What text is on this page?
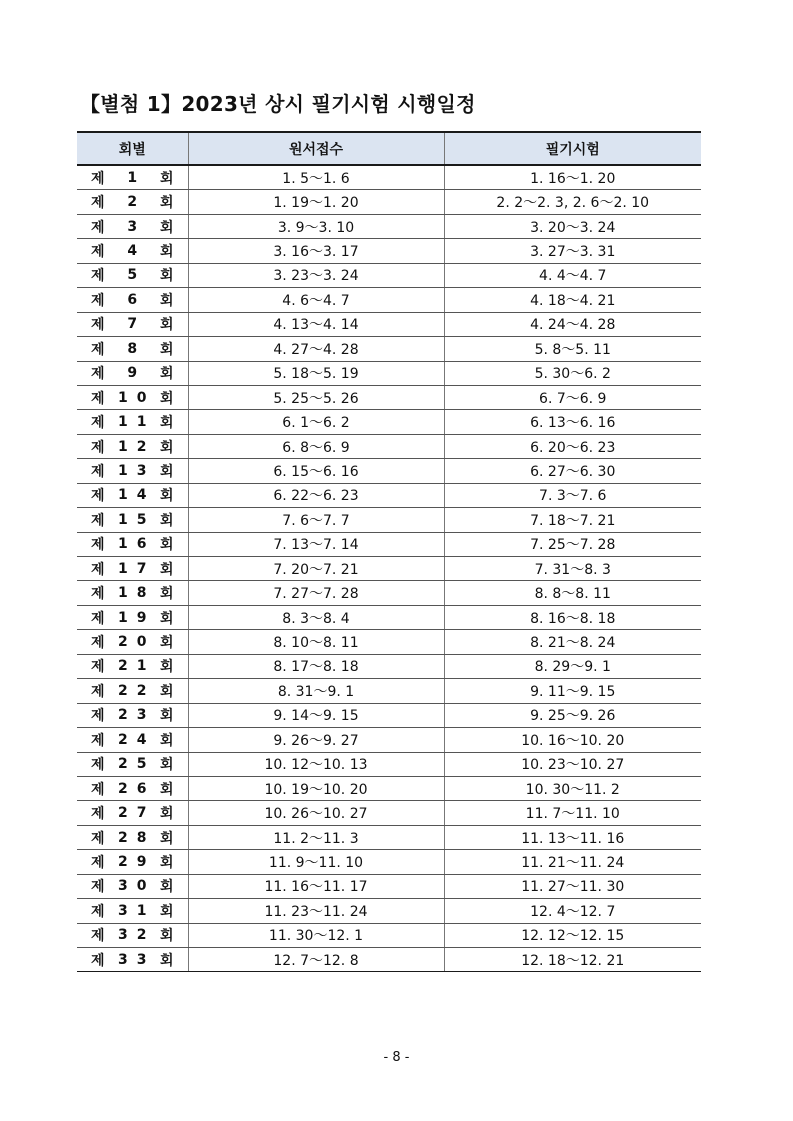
【별첨 1】2023년 상시 필기시험 시행일정
회별	원서접수	필기시험

제 1 회	1. 5～1. 6	1. 16～1. 20

제 2 회	1. 19～1. 20	2. 2～2. 3, 2. 6～2. 10

제 3 회	3. 9～3. 10	3. 20～3. 24

제 4 회	3. 16～3. 17	3. 27～3. 31

제 5 회	3. 23～3. 24	4. 4～4. 7

제 6 회	4. 6～4. 7	4. 18～4. 21

제 7 회	4. 13～4. 14	4. 24～4. 28

제 8 회	4. 27～4. 28	5. 8～5. 11

제 9 회	5. 18～5. 19	5. 30～6. 2

제 10 회	5. 25～5. 26	6. 7～6. 9

제 11 회	6. 1～6. 2	6. 13～6. 16

제 12 회	6. 8～6. 9	6. 20～6. 23

제 13 회	6. 15～6. 16	6. 27～6. 30

제 14 회	6. 22～6. 23	7. 3～7. 6

제 15 회	7. 6～7. 7	7. 18～7. 21

제 16 회	7. 13～7. 14	7. 25～7. 28

제 17 회	7. 20～7. 21	7. 31～8. 3

제 18 회	7. 27～7. 28	8. 8～8. 11

제 19 회	8. 3～8. 4	8. 16～8. 18

제 20 회	8. 10～8. 11	8. 21～8. 24

제 21 회	8. 17～8. 18	8. 29～9. 1

제 22 회	8. 31～9. 1	9. 11～9. 15

제 23 회	9. 14～9. 15	9. 25～9. 26

제 24 회	9. 26～9. 27	10. 16～10. 20

제 25 회	10. 12～10. 13	10. 23～10. 27

제 26 회	10. 19～10. 20	10. 30～11. 2

제 27 회	10. 26～10. 27	11. 7～11. 10

제 28 회	11. 2～11. 3	11. 13～11. 16

제 29 회	11. 9～11. 10	11. 21～11. 24

제 30 회	11. 16～11. 17	11. 27～11. 30

제 31 회	11. 23～11. 24	12. 4～12. 7

제 32 회	11. 30～12. 1	12. 12～12. 15

제 33 회	12. 7～12. 8	12. 18～12. 21
- 8 -
